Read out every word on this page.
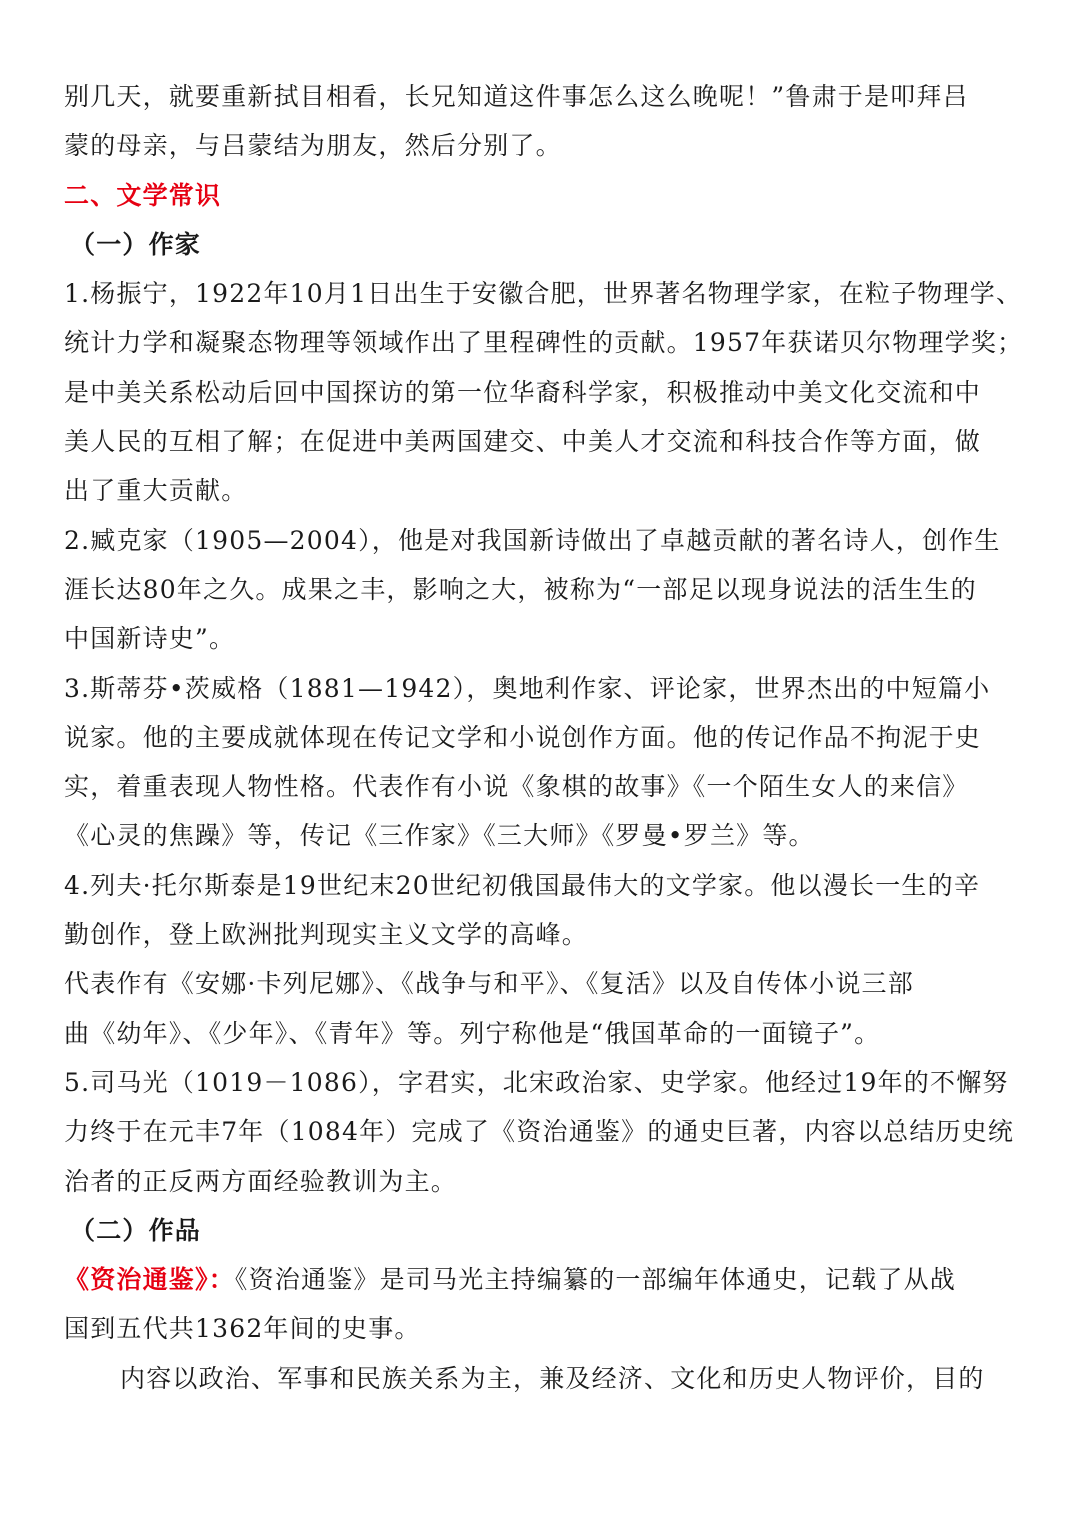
别几天，就要重新拭目相看，长兄知道这件事怎么这么晚呢！”鲁肃于是叩拜吕
蒙的母亲，与吕蒙结为朋友，然后分别了。
二、文学常识
（一）作家
1.杨振宁，1922年10月1日出生于安徽合肥，世界著名物理学家，在粒子物理学、
统计力学和凝聚态物理等领域作出了里程碑性的贡献。1957年获诺贝尔物理学奖；
是中美关系松动后回中国探访的第一位华裔科学家，积极推动中美文化交流和中
美人民的互相了解；在促进中美两国建交、中美人才交流和科技合作等方面，做
出了重大贡献。
2.臧克家（1905—2004），他是对我国新诗做出了卓越贡献的著名诗人，创作生
涯长达80年之久。成果之丰，影响之大，被称为“一部足以现身说法的活生生的
中国新诗史”。
3.斯蒂芬•茨威格（1881—1942），奥地利作家、评论家，世界杰出的中短篇小
说家。他的主要成就体现在传记文学和小说创作方面。他的传记作品不拘泥于史
实，着重表现人物性格。代表作有小说《象棋的故事》《一个陌生女人的来信》
《心灵的焦躁》等，传记《三作家》《三大师》《罗曼•罗兰》等。
4.列夫·托尔斯泰是19世纪末20世纪初俄国最伟大的文学家。他以漫长一生的辛
勤创作，登上欧洲批判现实主义文学的高峰。
代表作有《安娜·卡列尼娜》、《战争与和平》、《复活》以及自传体小说三部
曲《幼年》、《少年》、《青年》等。列宁称他是“俄国革命的一面镜子”。
5.司马光（1019－1086），字君实，北宋政治家、史学家。他经过19年的不懈努
力终于在元丰7年（1084年）完成了《资治通鉴》的通史巨著，内容以总结历史统
治者的正反两方面经验教训为主。
（二）作品
《资治通鉴》：《资治通鉴》是司马光主持编纂的一部编年体通史，记载了从战
国到五代共1362年间的史事。
内容以政治、军事和民族关系为主，兼及经济、文化和历史人物评价，目的
